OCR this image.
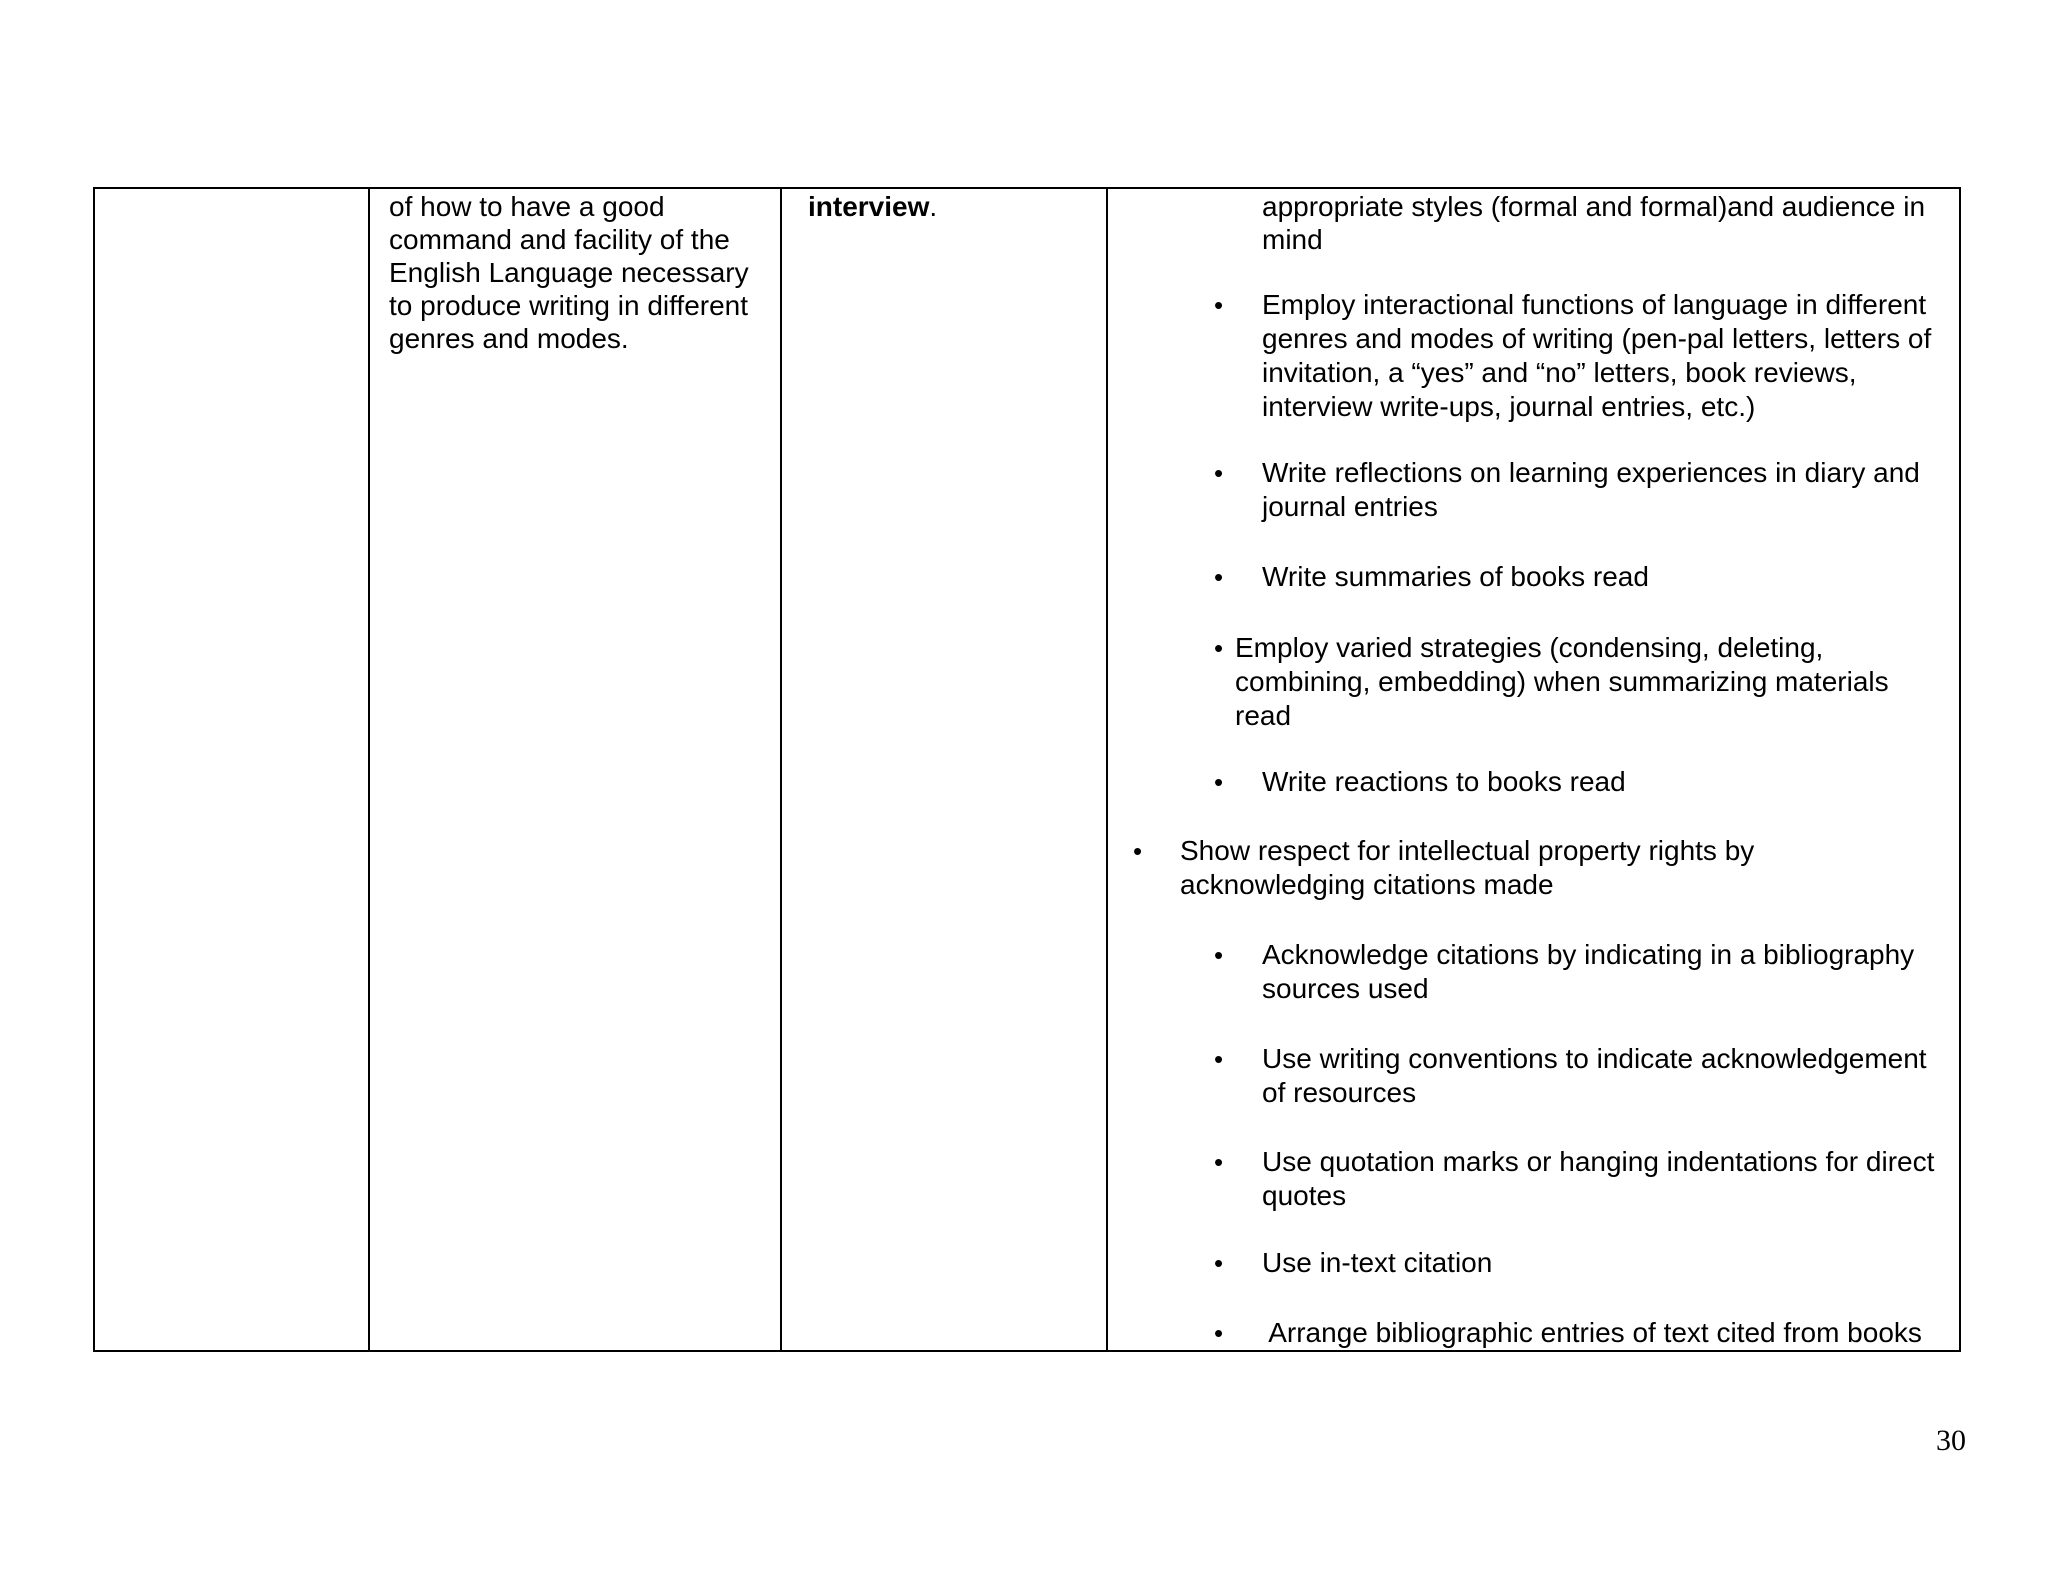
of how to have a good command and facility of the English Language necessary to produce writing in different genres and modes.
interview.	appropriate styles (formal and formal)and audience in mind
• Employ interactional functions of language in different genres and modes of writing (pen-pal letters, letters of invitation, a “yes” and “no” letters, book reviews, interview write-ups, journal entries, etc.)
• Write reflections on learning experiences in diary and journal entries
• Write summaries of books read
• Employ varied strategies (condensing, deleting, combining, embedding) when summarizing materials read
• Write reactions to books read
• Show respect for intellectual property rights by acknowledging citations made
• Acknowledge citations by indicating in a bibliography sources used
• Use writing conventions to indicate acknowledgement of resources
• Use quotation marks or hanging indentations for direct quotes
• Use in-text citation
• Arrange bibliographic entries of text cited from books
30
